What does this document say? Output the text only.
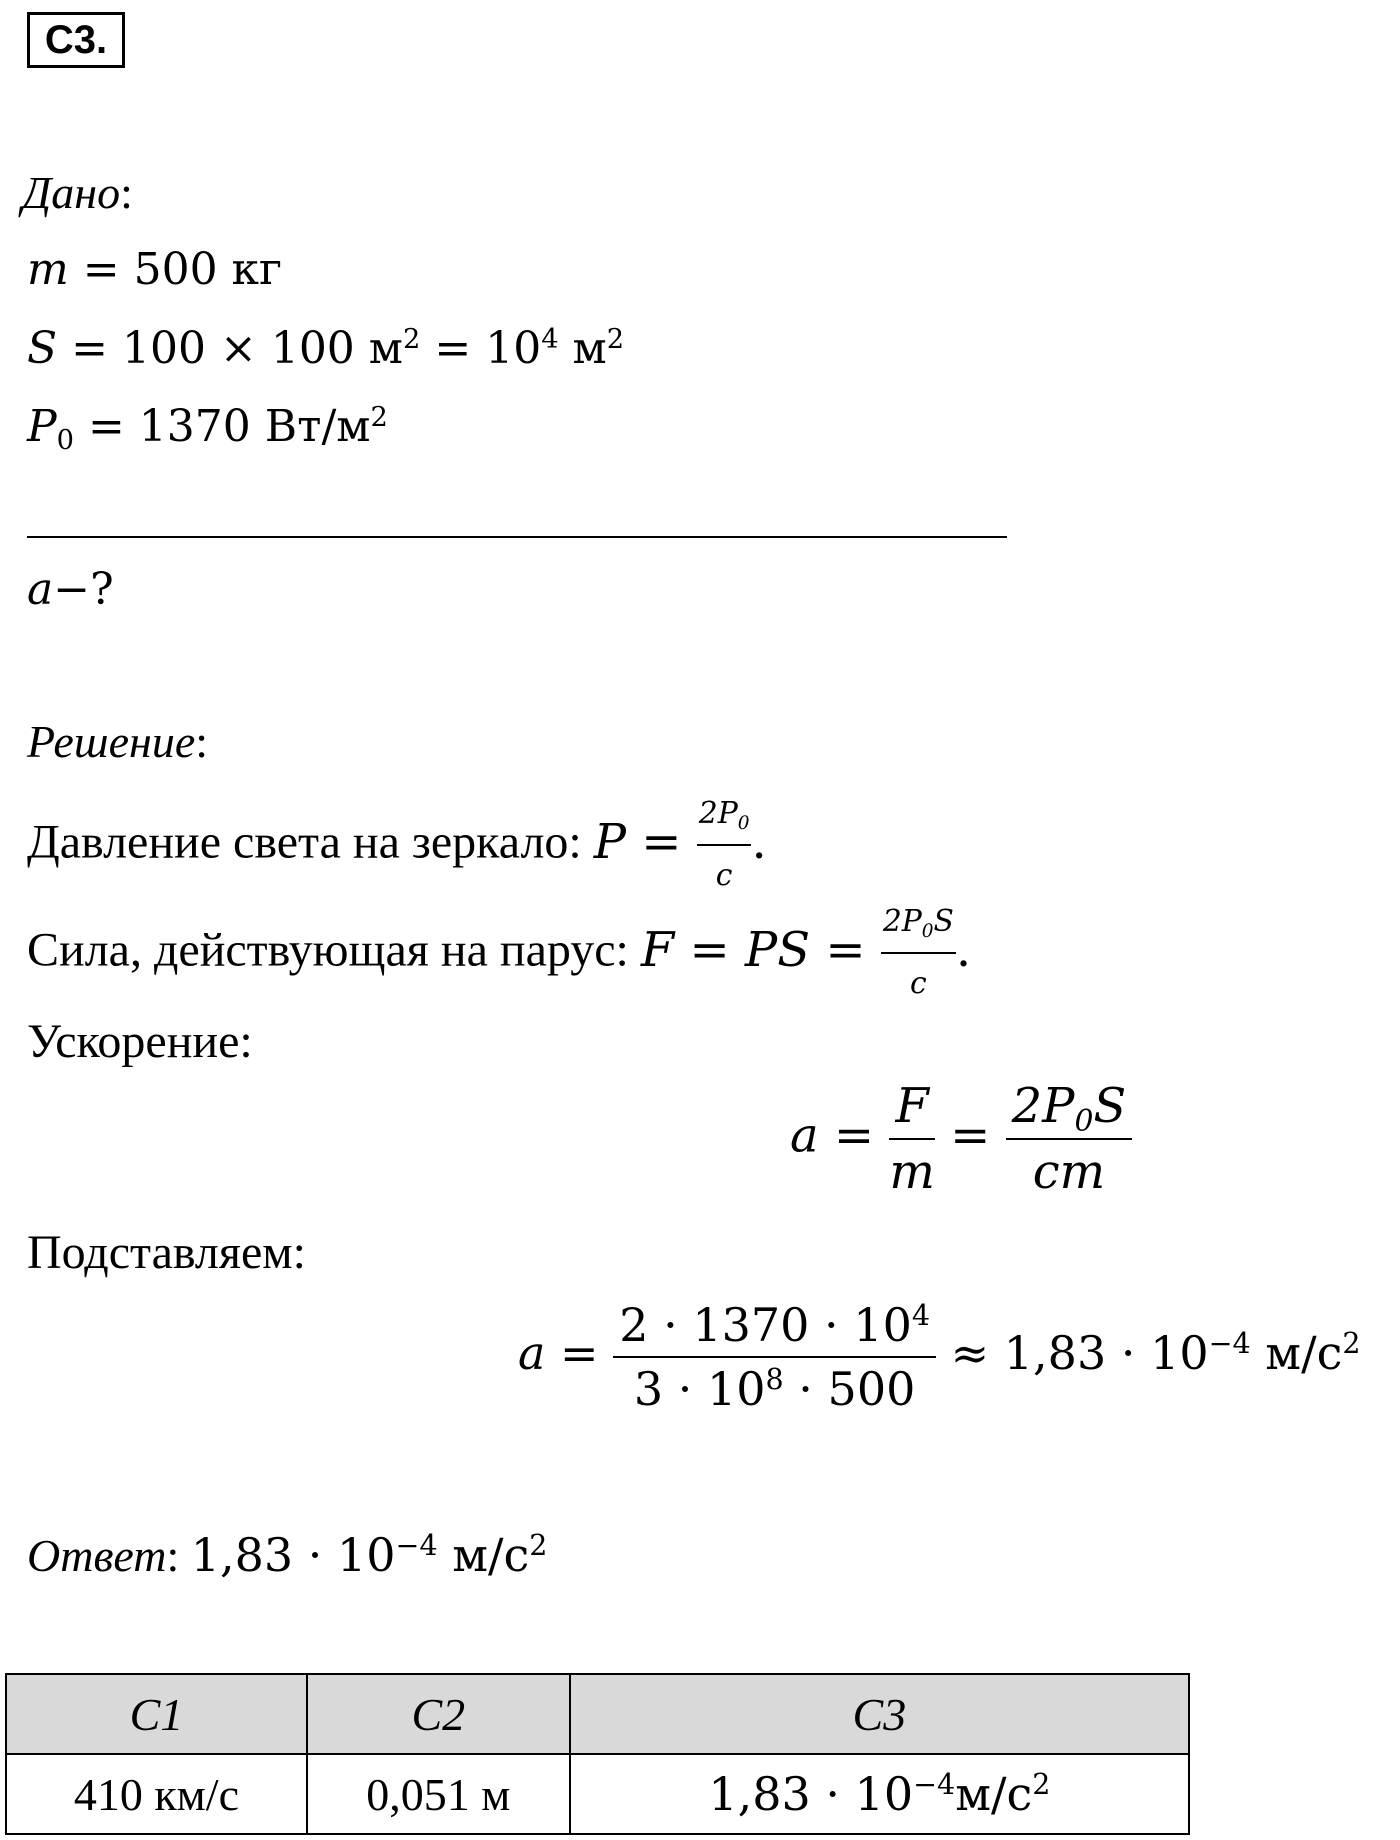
С3.
Дано:
m = 500 кг
S = 100 × 100 $м^2 = 10^4$ $м^2$
$P_0 = 1370$ $Вт/м^2$
a−?
Решение:
Давление света на зеркало: $P = \frac{2P_0}{c}$ .
Сила, действующая на парус: F = PS = $\frac{2P_0S}{c}$ .
Ускорение:
$a = \frac{F}{m} = \frac{2P_0S}{cm}$
Подставляем:
$a = \frac{2 \cdot 1370 \cdot 10^4}{3 \cdot 10^8 \cdot 500} \approx 1,83 \cdot 10^{-4}$ $м/с^2$
Ответ: $1,83 \cdot 10^{-4}$ $м/с^2$
С1	С2	С3
410 км/с	0,051 м	$1,83 \cdot 10^{-4}м/с^2$
